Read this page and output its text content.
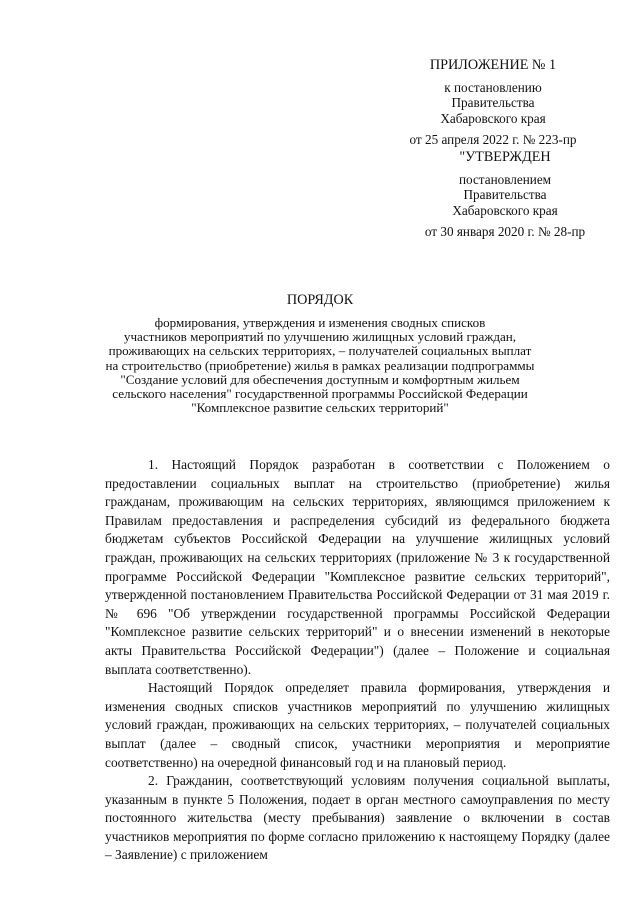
ПРИЛОЖЕНИЕ № 1
к постановлению
Правительства
Хабаровского края
от 25 апреля 2022 г. № 223-пр
"УТВЕРЖДЕН
постановлением
Правительства
Хабаровского края
от 30 января 2020 г. № 28-пр
ПОРЯДОК
формирования, утверждения и изменения сводных списков
участников мероприятий по улучшению жилищных условий граждан,
проживающих на сельских территориях, – получателей социальных выплат
на строительство (приобретение) жилья в рамках реализации подпрограммы
"Создание условий для обеспечения доступным и комфортным жильем
сельского населения" государственной программы Российской Федерации
"Комплексное развитие сельских территорий"

1. Настоящий Порядок разработан в соответствии с Положением о предоставлении социальных выплат на строительство (приобретение) жилья гражданам, проживающим на сельских территориях, являющимся приложением к Правилам предоставления и распределения субсидий из федерального бюджета бюджетам субъектов Российской Федерации на улучшение жилищных условий граждан, проживающих на сельских территориях (приложение № 3 к государственной программе Российской Федерации "Комплексное развитие сельских территорий", утвержденной постановлением Правительства Российской Федерации от 31 мая 2019 г. № 696 "Об утверждении государственной программы Российской Федерации "Комплексное развитие сельских территорий" и о внесении изменений в некоторые акты Правительства Российской Федерации") (далее – Положение и социальная выплата соответственно).

Настоящий Порядок определяет правила формирования, утверждения и изменения сводных списков участников мероприятий по улучшению жилищных условий граждан, проживающих на сельских территориях, – получателей социальных выплат (далее – сводный список, участники мероприятия и мероприятие соответственно) на очередной финансовый год и на плановый период.

2. Гражданин, соответствующий условиям получения социальной выплаты, указанным в пункте 5 Положения, подает в орган местного самоуправления по месту постоянного жительства (месту пребывания) заявление о включении в состав участников мероприятия по форме согласно приложению к настоящему Порядку (далее – Заявление) с приложением
